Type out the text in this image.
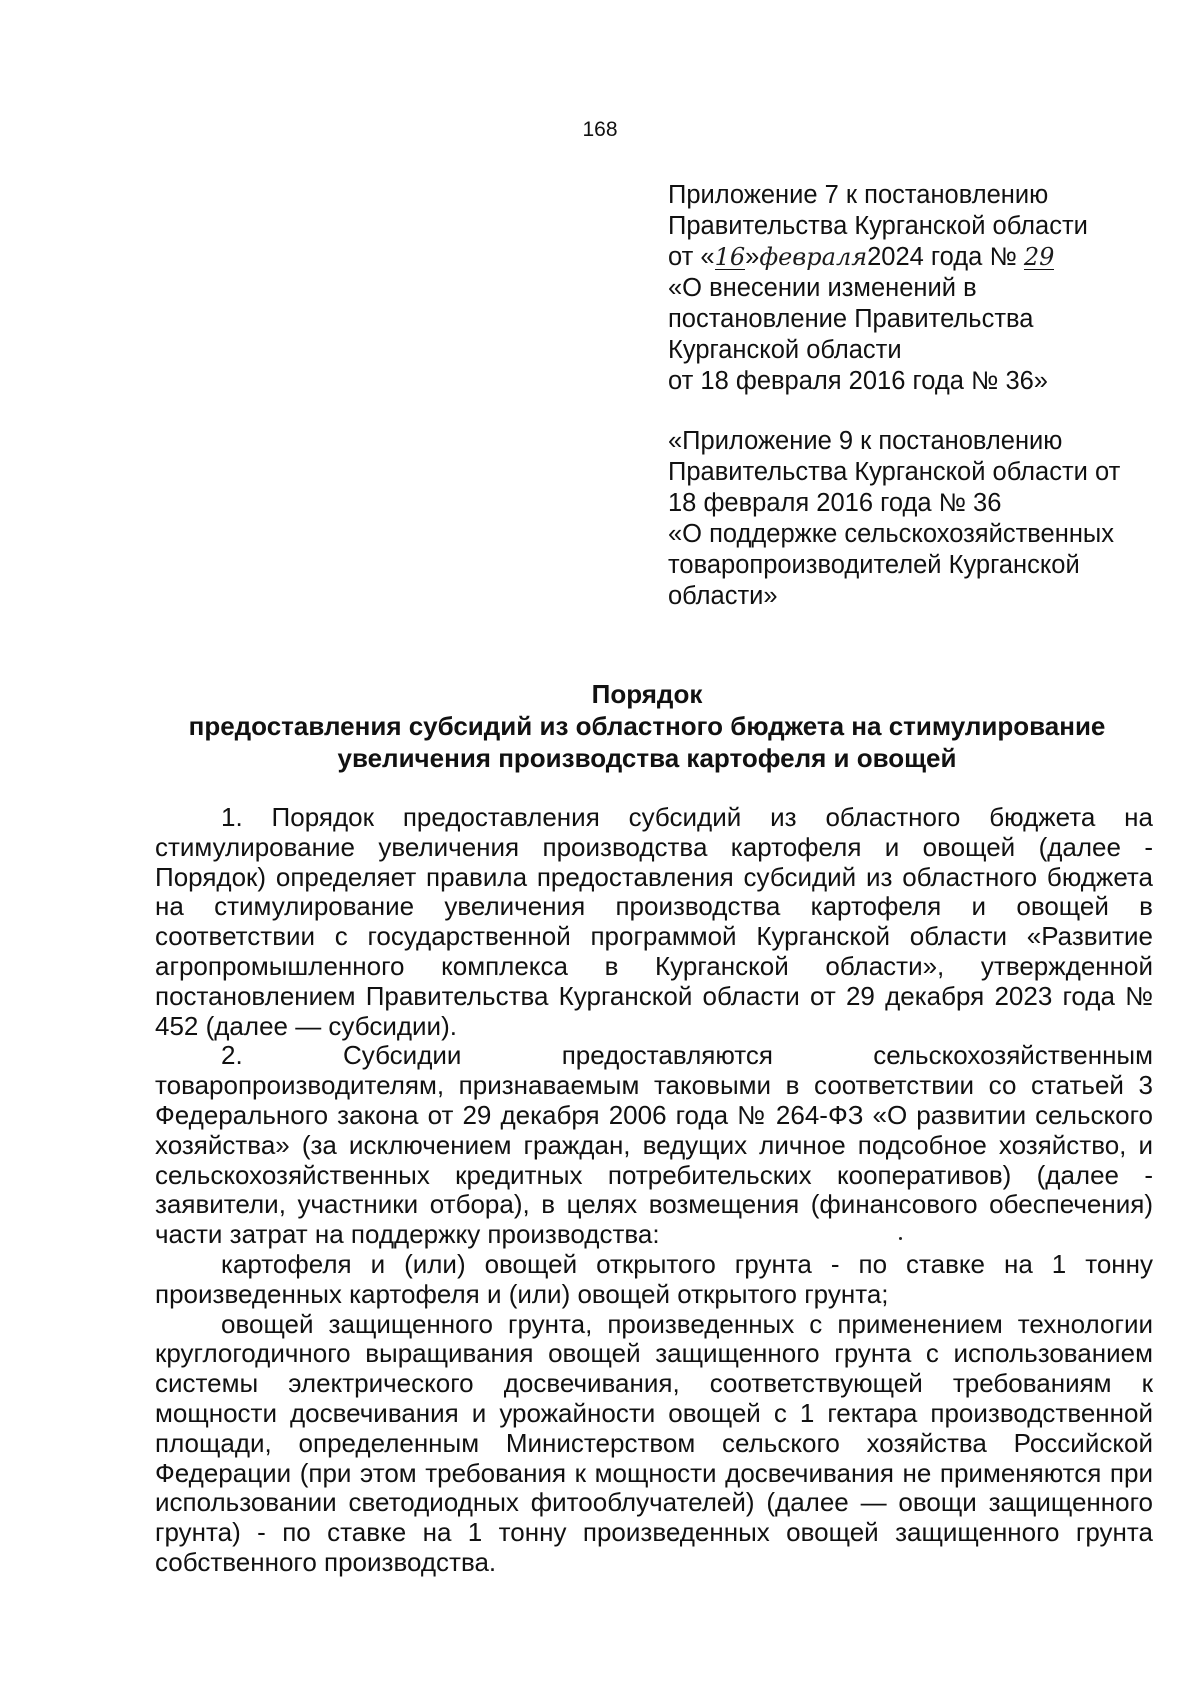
168
Приложение 7 к постановлению
Правительства Курганской области
от «16»февраля2024 года № 29
«О внесении изменений в
постановление Правительства
Курганской области
от 18 февраля 2016 года № 36»
«Приложение 9 к постановлению
Правительства Курганской области от
18 февраля 2016 года № 36
«О поддержке сельскохозяйственных
товаропроизводителей Курганской
области»
Порядок
предоставления субсидий из областного бюджета на стимулирование
увеличения производства картофеля и овощей

1. Порядок предоставления субсидий из областного бюджета на стимулирование увеличения производства картофеля и овощей (далее - Порядок) определяет правила предоставления субсидий из областного бюджета на стимулирование увеличения производства картофеля и овощей в соответствии с государственной программой Курганской области «Развитие агропромышленного комплекса в Курганской области», утвержденной постановлением Правительства Курганской области от 29 декабря 2023 года № 452 (далее — субсидии).

2. Субсидии предоставляются сельскохозяйственным товаропроизводителям, признаваемым таковыми в соответствии со статьей 3 Федерального закона от 29 декабря 2006 года № 264-ФЗ «О развитии сельского хозяйства» (за исключением граждан, ведущих личное подсобное хозяйство, и сельскохозяйственных кредитных потребительских кооперативов) (далее - заявители, участники отбора), в целях возмещения (финансового обеспечения) части затрат на поддержку производства:

картофеля и (или) овощей открытого грунта - по ставке на 1 тонну произведенных картофеля и (или) овощей открытого грунта;

овощей защищенного грунта, произведенных с применением технологии круглогодичного выращивания овощей защищенного грунта с использованием системы электрического досвечивания, соответствующей требованиям к мощности досвечивания и урожайности овощей с 1 гектара производственной площади, определенным Министерством сельского хозяйства Российской Федерации (при этом требования к мощности досвечивания не применяются при использовании светодиодных фитооблучателей) (далее — овощи защищенного грунта) - по ставке на 1 тонну произведенных овощей защищенного грунта собственного производства.
